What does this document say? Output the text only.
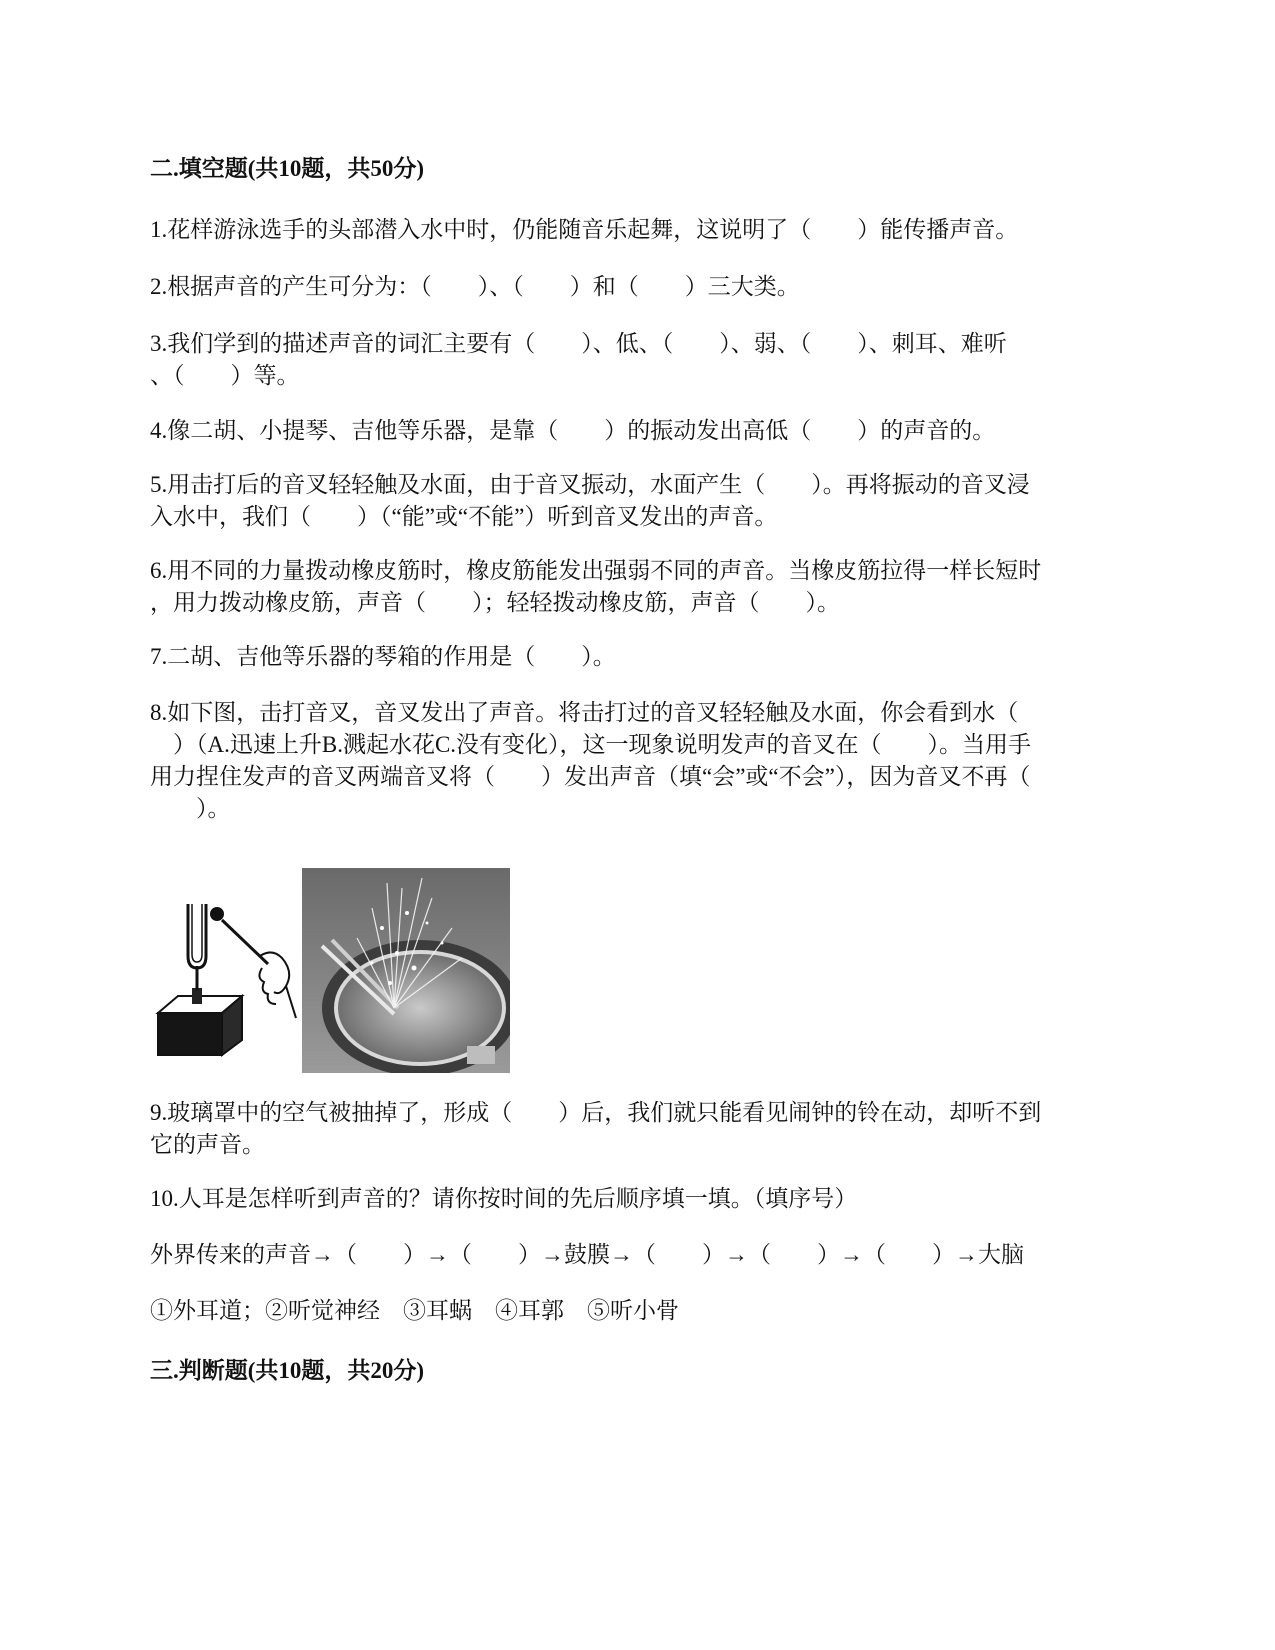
二.填空题(共10题，共50分)
1.花样游泳选手的头部潜入水中时，仍能随音乐起舞，这说明了（　　）能传播声音。
2.根据声音的产生可分为：（　　）、（　　）和（　　）三大类。
3.我们学到的描述声音的词汇主要有（　　）、低、（　　）、弱、（　　）、刺耳、难听
、（　　）等。
4.像二胡、小提琴、吉他等乐器，是靠（　　）的振动发出高低（　　）的声音的。
5.用击打后的音叉轻轻触及水面，由于音叉振动，水面产生（　　）。再将振动的音叉浸
入水中，我们（　　）（“能”或“不能”）听到音叉发出的声音。
6.用不同的力量拨动橡皮筋时，橡皮筋能发出强弱不同的声音。当橡皮筋拉得一样长短时
，用力拨动橡皮筋，声音（　　）；轻轻拨动橡皮筋，声音（　　）。
7.二胡、吉他等乐器的琴箱的作用是（　　）。
8.如下图，击打音叉，音叉发出了声音。将击打过的音叉轻轻触及水面，你会看到水（
　）（A.迅速上升B.溅起水花C.没有变化），这一现象说明发声的音叉在（　　）。当用手
用力捏住发声的音叉两端音叉将（　　）发出声音（填“会”或“不会”），因为音叉不再（
　　）。
9.玻璃罩中的空气被抽掉了，形成（　　）后，我们就只能看见闹钟的铃在动，却听不到
它的声音。
10.人耳是怎样听到声音的？请你按时间的先后顺序填一填。（填序号）
外界传来的声音→（　　）→（　　）→鼓膜→（　　）→（　　）→（　　）→大脑
①外耳道；②听觉神经　③耳蜗　④耳郭　⑤听小骨
三.判断题(共10题，共20分)
